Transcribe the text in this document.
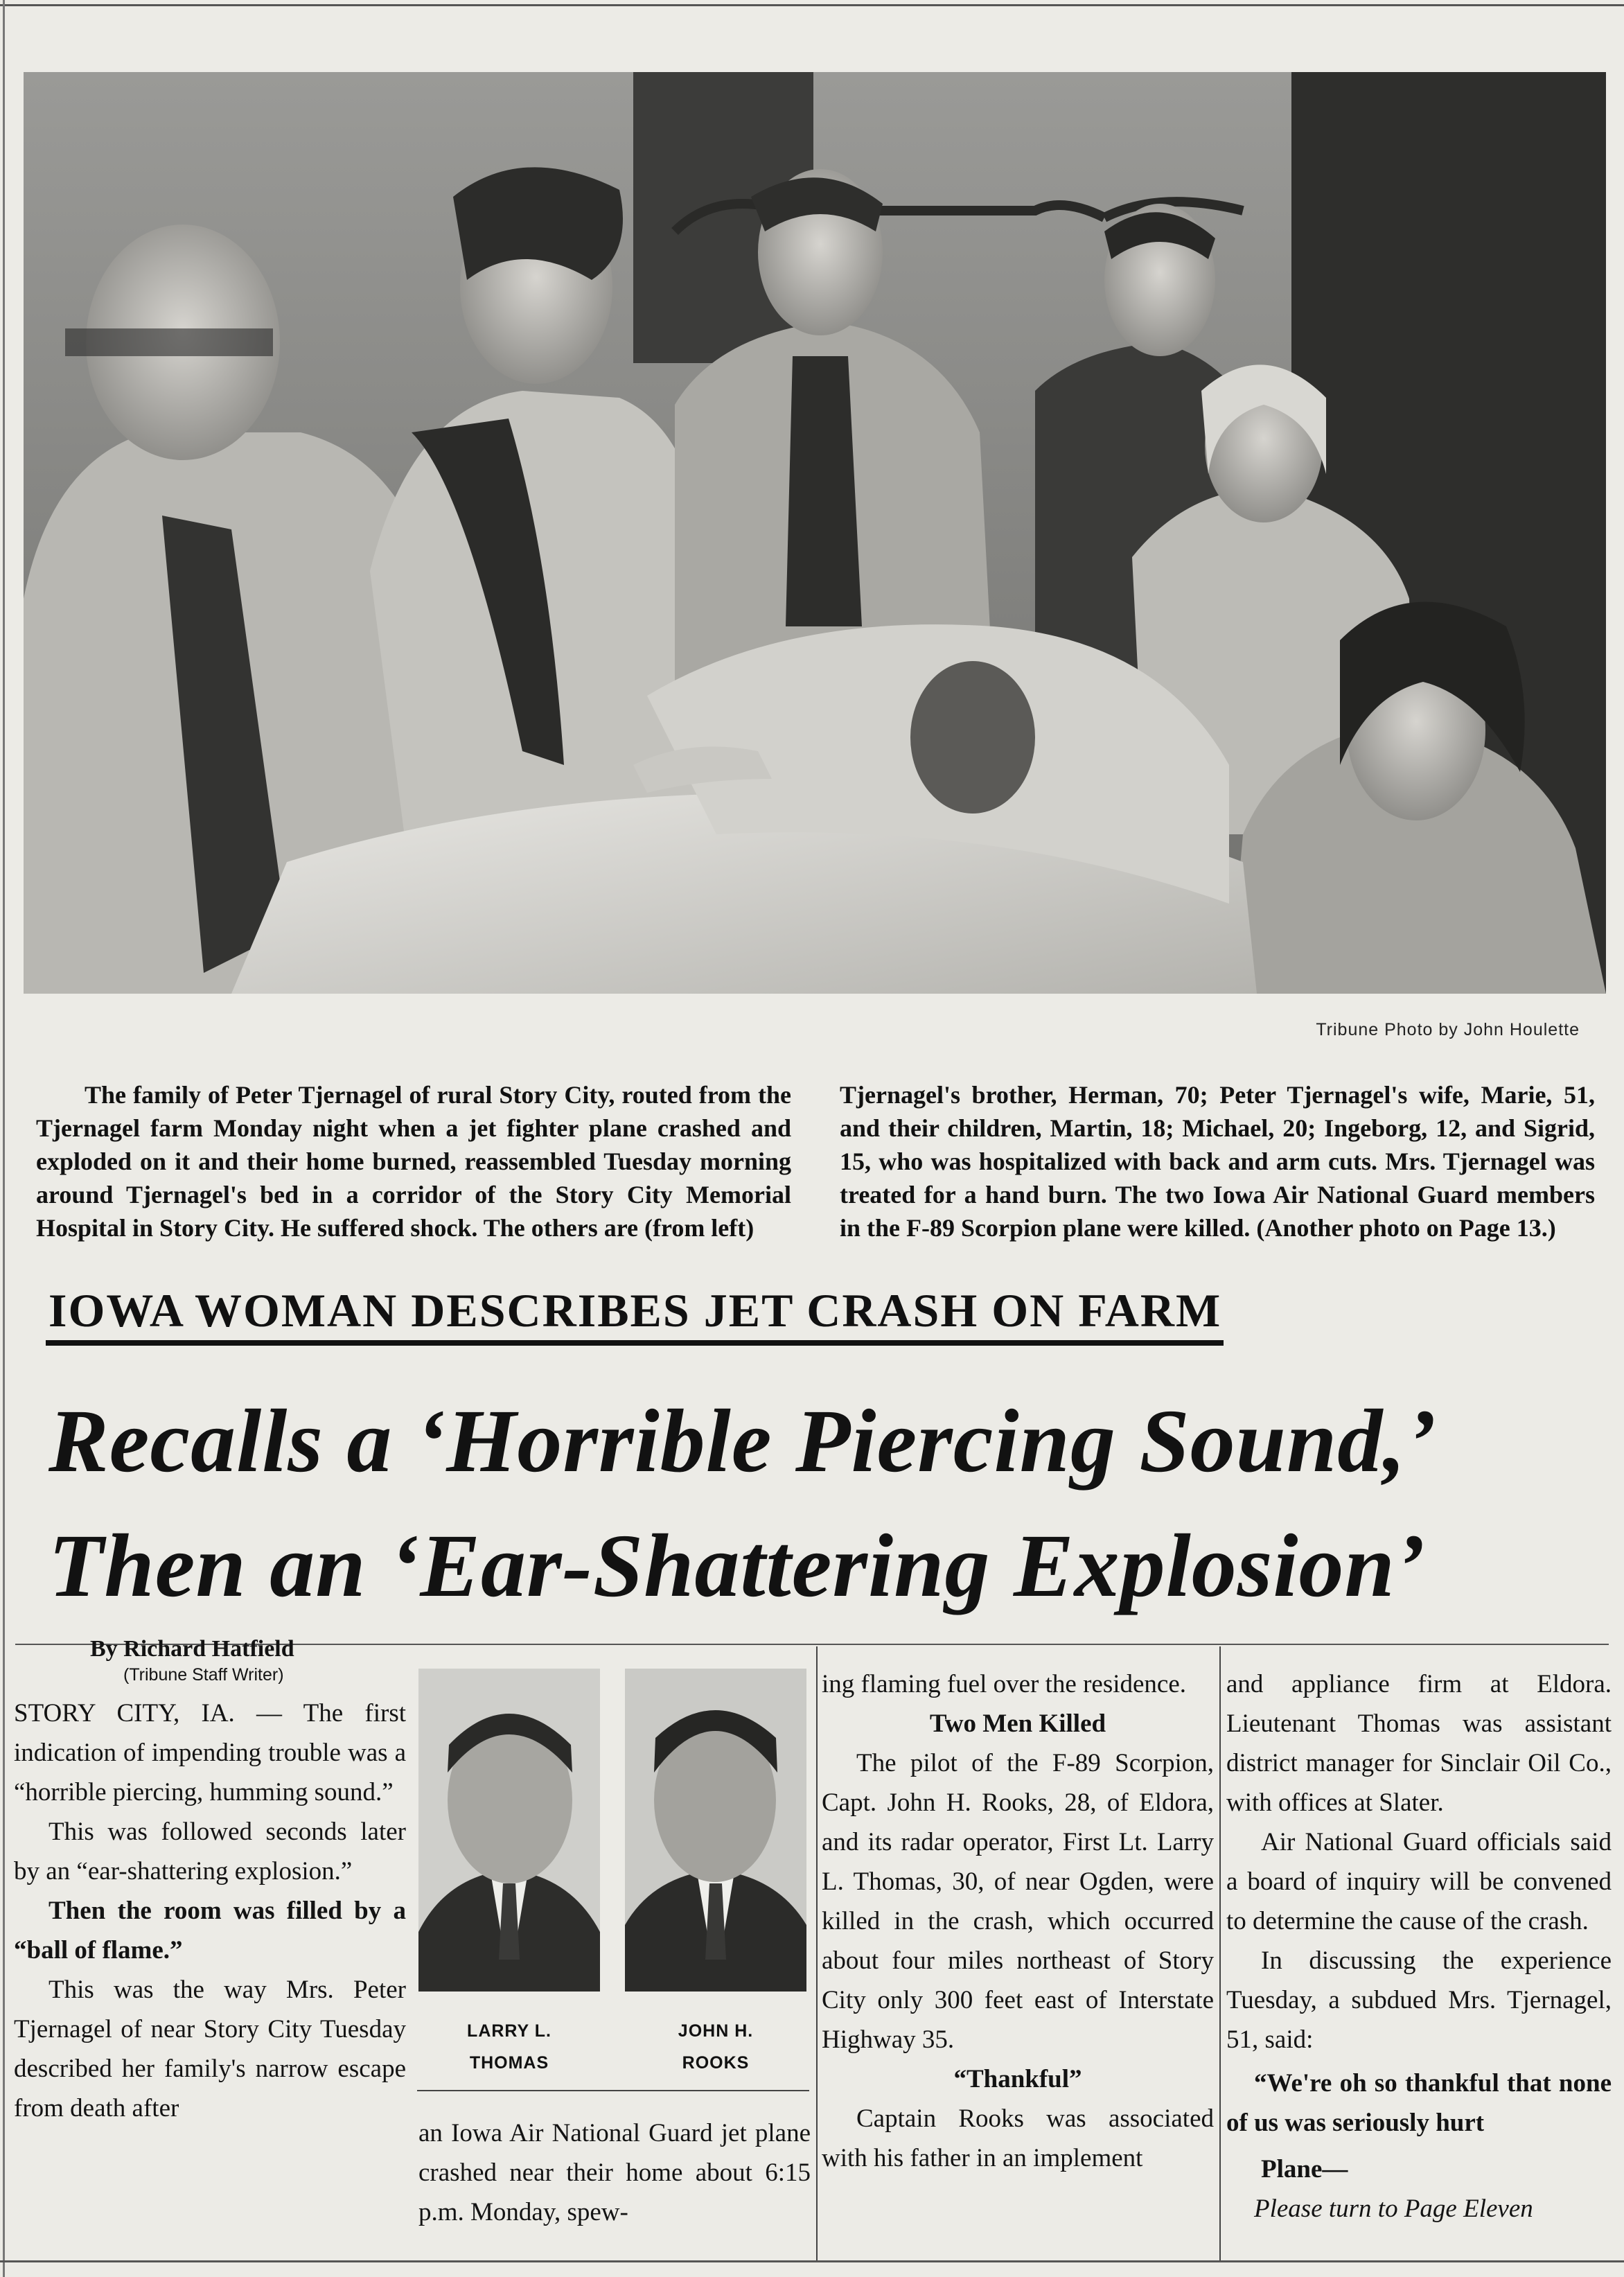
Tribune Photo by John Houlette

The family of Peter Tjernagel of rural Story City, routed from the Tjernagel farm Monday night when a jet fighter plane crashed and exploded on it and their home burned, reassembled Tuesday morning around Tjernagel's bed in a corridor of the Story City Memorial Hospital in Story City. He suffered shock. The others are (from left)

Tjernagel's brother, Herman, 70; Peter Tjernagel's wife, Marie, 51, and their children, Martin, 18; Michael, 20; Ingeborg, 12, and Sigrid, 15, who was hospitalized with back and arm cuts. Mrs. Tjernagel was treated for a hand burn. The two Iowa Air National Guard members in the F-89 Scorpion plane were killed. (Another photo on Page 13.)

IOWA WOMAN DESCRIBES JET CRASH ON FARM
Recalls a ‘Horrible Piercing Sound,’
Then an ‘Ear-Shattering Explosion’

By Richard Hatfield

(Tribune Staff Writer)

STORY CITY, IA. — The first indication of impending trouble was a “horrible piercing, humming sound.”

This was followed seconds later by an “ear-shattering explosion.”

Then the room was filled by a “ball of flame.”

This was the way Mrs. Peter Tjernagel of near Story City Tuesday described her family's narrow escape from death after

LARRY L.
THOMAS
JOHN H.
ROOKS

an Iowa Air National Guard jet plane crashed near their home about 6:15 p.m. Monday, spew-

ing flaming fuel over the residence.

Two Men Killed

The pilot of the F-89 Scorpion, Capt. John H. Rooks, 28, of Eldora, and its radar operator, First Lt. Larry L. Thomas, 30, of near Ogden, were killed in the crash, which occurred about four miles northeast of Story City only 300 feet east of Interstate Highway 35.

“Thankful”

Captain Rooks was associated with his father in an implement

and appliance firm at Eldora. Lieutenant Thomas was assistant district manager for Sinclair Oil Co., with offices at Slater.

Air National Guard officials said a board of inquiry will be convened to determine the cause of the crash.

In discussing the experience Tuesday, a subdued Mrs. Tjernagel, 51, said:

“We're oh so thankful that none of us was seriously hurt

Plane—

Please turn to Page Eleven
